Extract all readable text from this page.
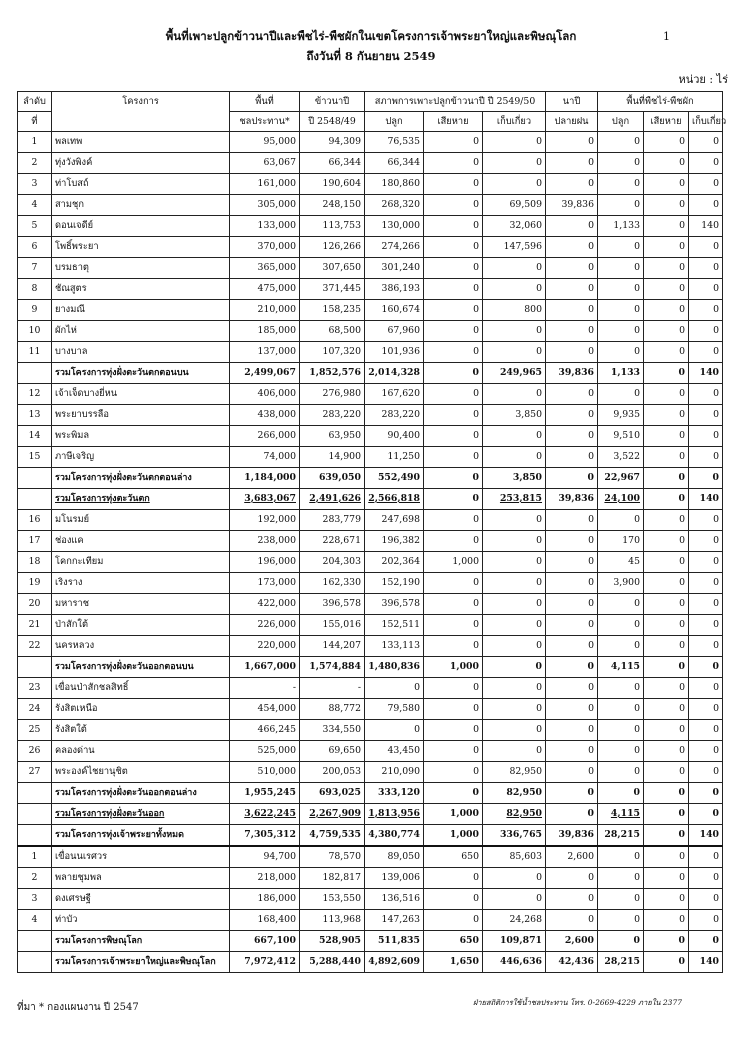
1
พื้นที่เพาะปลูกข้าวนาปีและพืชไร่-พืชผักในเขตโครงการเจ้าพระยาใหญ่และพิษณุโลก
ถึงวันที่ 8 กันยายน 2549
หน่วย : ไร่
ลำดับ	โครงการ	พื้นที่	ข้าวนาปี	สภาพการเพาะปลูกข้าวนาปี ปี 2549/50			นาปี	พื้นที่พืชไร่-พืชผัก		
ที่		ชลประทาน*	ปี 2548/49	ปลูก	เสียหาย	เก็บเกี่ยว	ปลายฝน	ปลูก	เสียหาย	เก็บเกี่ยว
1	พลเทพ	95,000	94,309	76,535	0	0	0	0	0	0
2	ทุ่งวังพิงค์	63,067	66,344	66,344	0	0	0	0	0	0
3	ท่าโบสถ์	161,000	190,604	180,860	0	0	0	0	0	0
4	สามชุก	305,000	248,150	268,320	0	69,509	39,836	0	0	0
5	ดอนเจดีย์	133,000	113,753	130,000	0	32,060	0	1,133	0	140
6	โพธิ์พระยา	370,000	126,266	274,266	0	147,596	0	0	0	0
7	บรมธาตุ	365,000	307,650	301,240	0	0	0	0	0	0
8	ชัณสูตร	475,000	371,445	386,193	0	0	0	0	0	0
9	ยางมณี	210,000	158,235	160,674	0	800	0	0	0	0
10	ผักไห่	185,000	68,500	67,960	0	0	0	0	0	0
11	บางบาล	137,000	107,320	101,936	0	0	0	0	0	0
	รวมโครงการทุ่งฝั่งตะวันตกตอนบน	2,499,067	1,852,576	2,014,328	0	249,965	39,836	1,133	0	140
12	เจ้าเจ็ดบางยี่หน	406,000	276,980	167,620	0	0	0	0	0	0
13	พระยาบรรลือ	438,000	283,220	283,220	0	3,850	0	9,935	0	0
14	พระพิมล	266,000	63,950	90,400	0	0	0	9,510	0	0
15	ภาษีเจริญ	74,000	14,900	11,250	0	0	0	3,522	0	0
	รวมโครงการทุ่งฝั่งตะวันตกตอนล่าง	1,184,000	639,050	552,490	0	3,850	0	22,967	0	0
	รวมโครงการทุ่งตะวันตก	3,683,067	2,491,626	2,566,818	0	253,815	39,836	24,100	0	140
16	มโนรมย์	192,000	283,779	247,698	0	0	0	0	0	0
17	ช่องแค	238,000	228,671	196,382	0	0	0	170	0	0
18	โคกกะเทียม	196,000	204,303	202,364	1,000	0	0	45	0	0
19	เริงราง	173,000	162,330	152,190	0	0	0	3,900	0	0
20	มหาราช	422,000	396,578	396,578	0	0	0	0	0	0
21	ป่าสักใต้	226,000	155,016	152,511	0	0	0	0	0	0
22	นครหลวง	220,000	144,207	133,113	0	0	0	0	0	0
	รวมโครงการทุ่งฝั่งตะวันออกตอนบน	1,667,000	1,574,884	1,480,836	1,000	0	0	4,115	0	0
23	เขื่อนป่าสักชลสิทธิ์	-	-	0	0	0	0	0	0	0
24	รังสิตเหนือ	454,000	88,772	79,580	0	0	0	0	0	0
25	รังสิตใต้	466,245	334,550	0	0	0	0	0	0	0
26	คลองด่าน	525,000	69,650	43,450	0	0	0	0	0	0
27	พระองค์ไชยานุชิต	510,000	200,053	210,090	0	82,950	0	0	0	0
	รวมโครงการทุ่งฝั่งตะวันออกตอนล่าง	1,955,245	693,025	333,120	0	82,950	0	0	0	0
	รวมโครงการทุ่งฝั่งตะวันออก	3,622,245	2,267,909	1,813,956	1,000	82,950	0	4,115	0	0
	รวมโครงการทุ่งเจ้าพระยาทั้งหมด	7,305,312	4,759,535	4,380,774	1,000	336,765	39,836	28,215	0	140
1	เขื่อนนเรศวร	94,700	78,570	89,050	650	85,603	2,600	0	0	0
2	พลายชุมพล	218,000	182,817	139,006	0	0	0	0	0	0
3	ดงเศรษฐี	186,000	153,550	136,516	0	0	0	0	0	0
4	ท่าบัว	168,400	113,968	147,263	0	24,268	0	0	0	0
	รวมโครงการพิษณุโลก	667,100	528,905	511,835	650	109,871	2,600	0	0	0
	รวมโครงการเจ้าพระยาใหญ่และพิษณุโลก	7,972,412	5,288,440	4,892,609	1,650	446,636	42,436	28,215	0	140
ที่มา * กองแผนงาน ปี 2547	ฝ่ายสถิติการใช้น้ำชลประทาน โทร. 0-2669-4229 ภายใน 2377
